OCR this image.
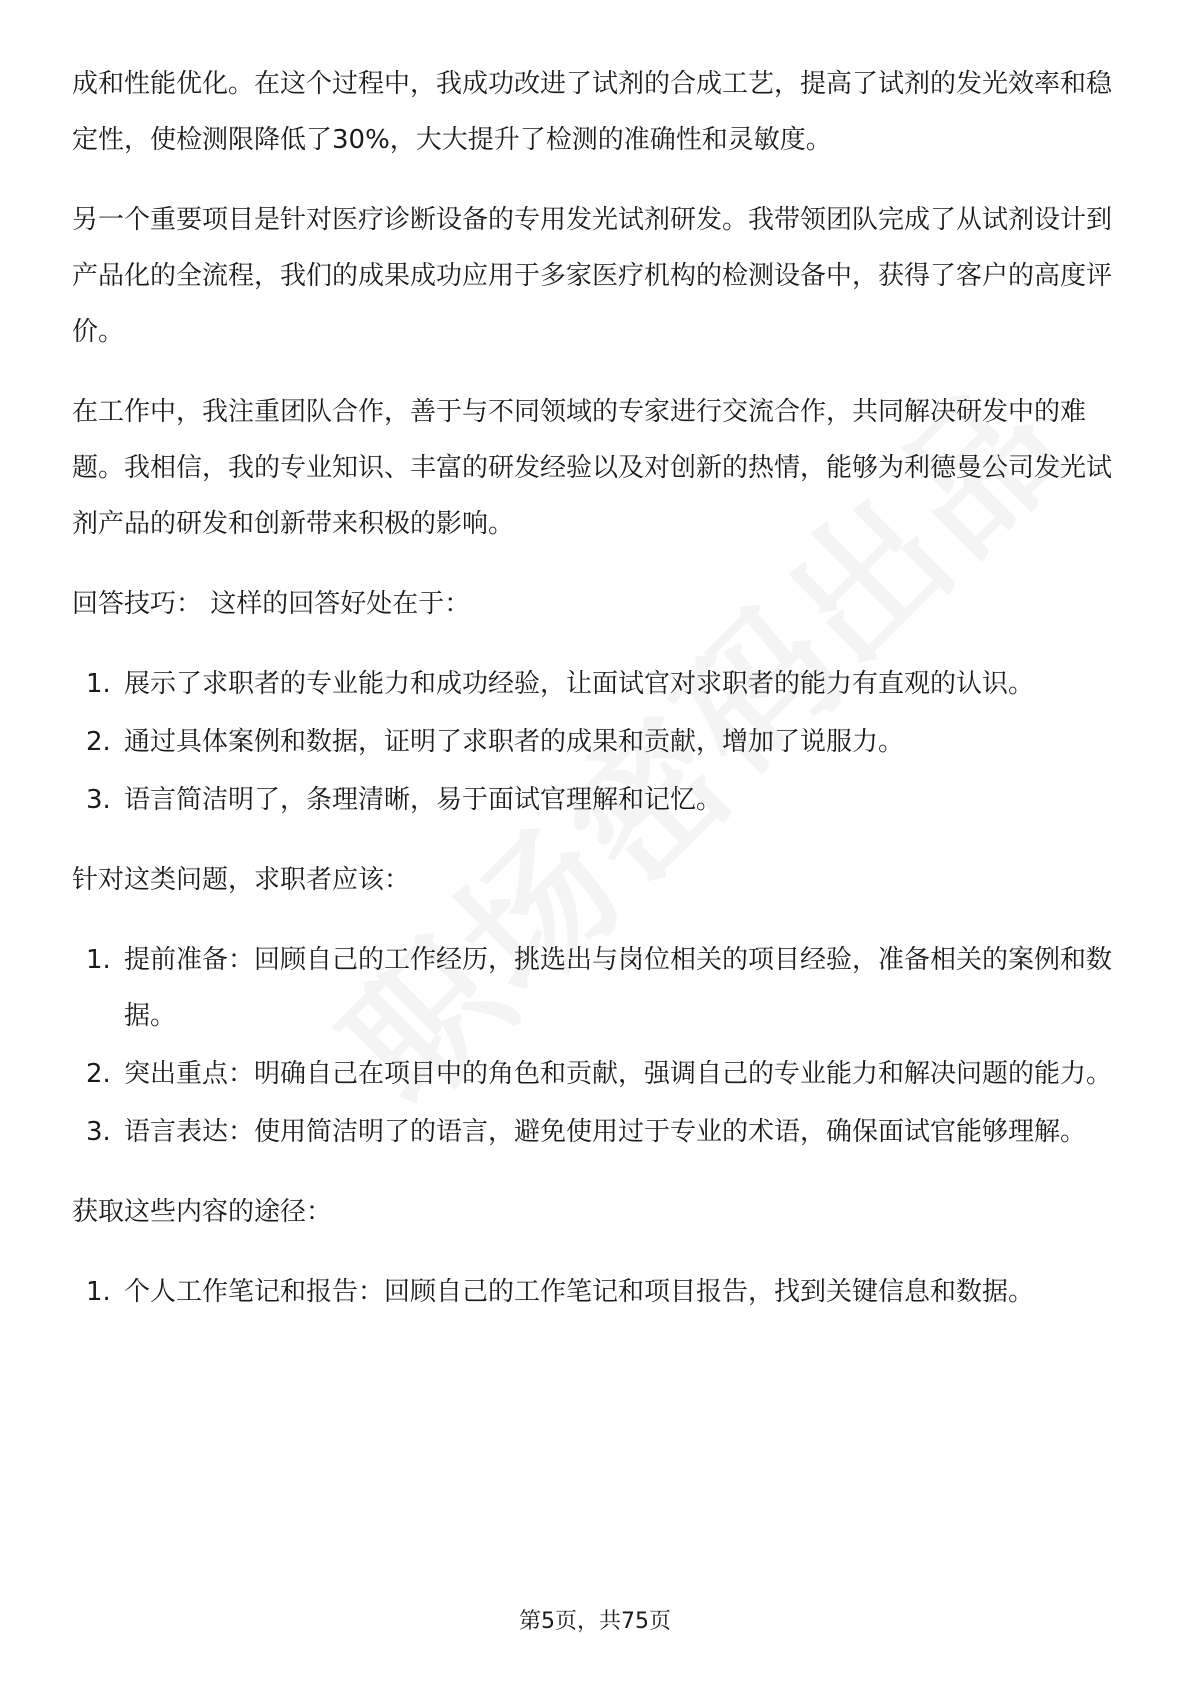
成和性能优化。在这个过程中，我成功改进了试剂的合成工艺，提高了试剂的发光效率和稳定性，使检测限降低了30%，大大提升了检测的准确性和灵敏度。

另一个重要项目是针对医疗诊断设备的专用发光试剂研发。我带领团队完成了从试剂设计到产品化的全流程，我们的成果成功应用于多家医疗机构的检测设备中，获得了客户的高度评价。

在工作中，我注重团队合作，善于与不同领域的专家进行交流合作，共同解决研发中的难题。我相信，我的专业知识、丰富的研发经验以及对创新的热情，能够为利德曼公司发光试剂产品的研发和创新带来积极的影响。

回答技巧： 这样的回答好处在于：

1. 展示了求职者的专业能力和成功经验，让面试官对求职者的能力有直观的认识。
2. 通过具体案例和数据，证明了求职者的成果和贡献，增加了说服力。
3. 语言简洁明了，条理清晰，易于面试官理解和记忆。

针对这类问题，求职者应该：

1. 提前准备：回顾自己的工作经历，挑选出与岗位相关的项目经验，准备相关的案例和数据。
2. 突出重点：明确自己在项目中的角色和贡献，强调自己的专业能力和解决问题的能力。
3. 语言表达：使用简洁明了的语言，避免使用过于专业的术语，确保面试官能够理解。

获取这些内容的途径：

1. 个人工作笔记和报告：回顾自己的工作笔记和项目报告，找到关键信息和数据。
第5页，共75页
